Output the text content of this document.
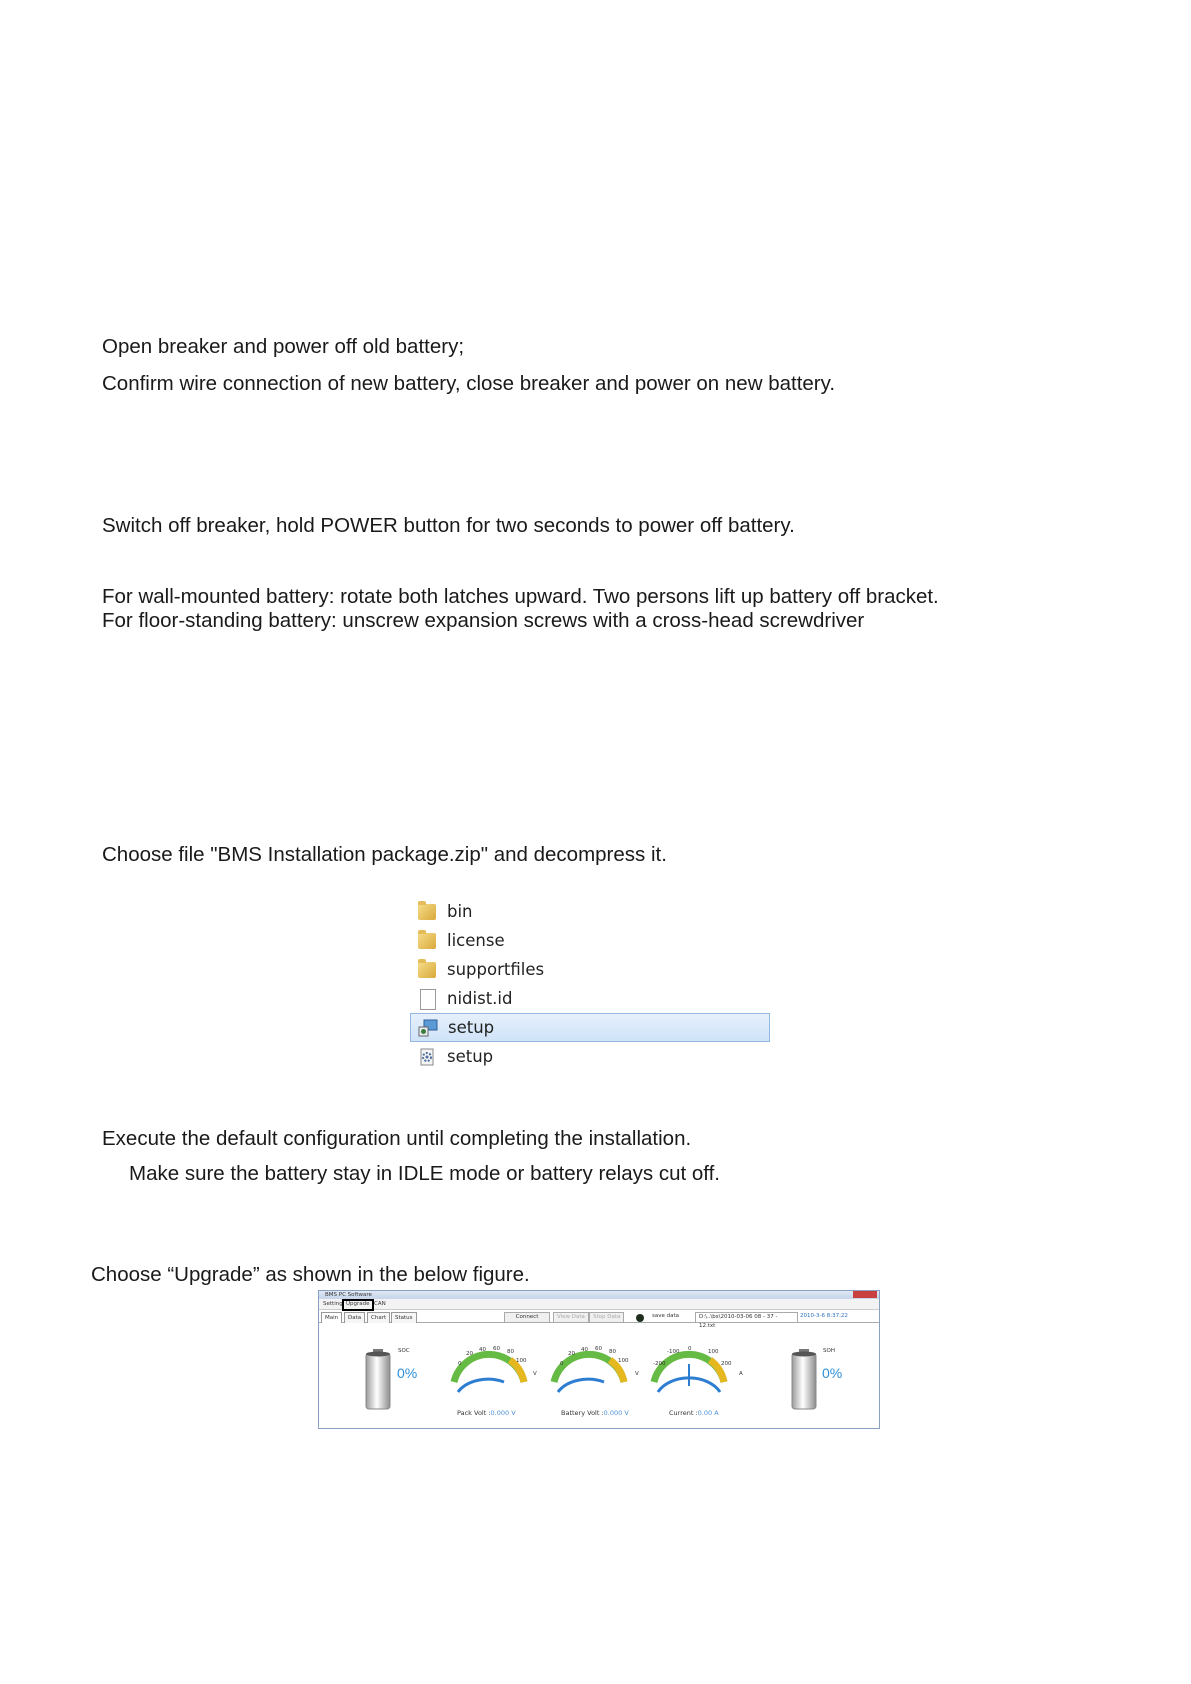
Open breaker and power off old battery;
Confirm wire connection of new battery, close breaker and power on new battery.
Switch off breaker, hold POWER button for two seconds to power off battery.
For wall-mounted battery: rotate both latches upward. Two persons lift up battery off bracket.
For floor-standing battery: unscrew expansion screws with a cross-head screwdriver
Choose file "BMS Installation package.zip" and decompress it.
bin
license
supportfiles
nidist.id
setup
setup
Execute the default configuration until completing the installation.
Make sure the battery stay in IDLE mode or battery relays cut off.
Choose “Upgrade” as shown in the below figure.
BMS PC Software
Setting Upgrade CAN
Main	Data	Chart	Status	Connect	View Data	Stop Data	save data	D:\..\bs\2010-03-06 08 - 37 - 12.txt
2010-3-6 8:37:22
SOC
0%
0
20
40 60 80
100
V
0
20
40 60 80
100
V
-200
-100 0	100
200
A
Pack Volt :0.000 V	Battery Volt :0.000 V	Current :0.00 A
SOH
0%
